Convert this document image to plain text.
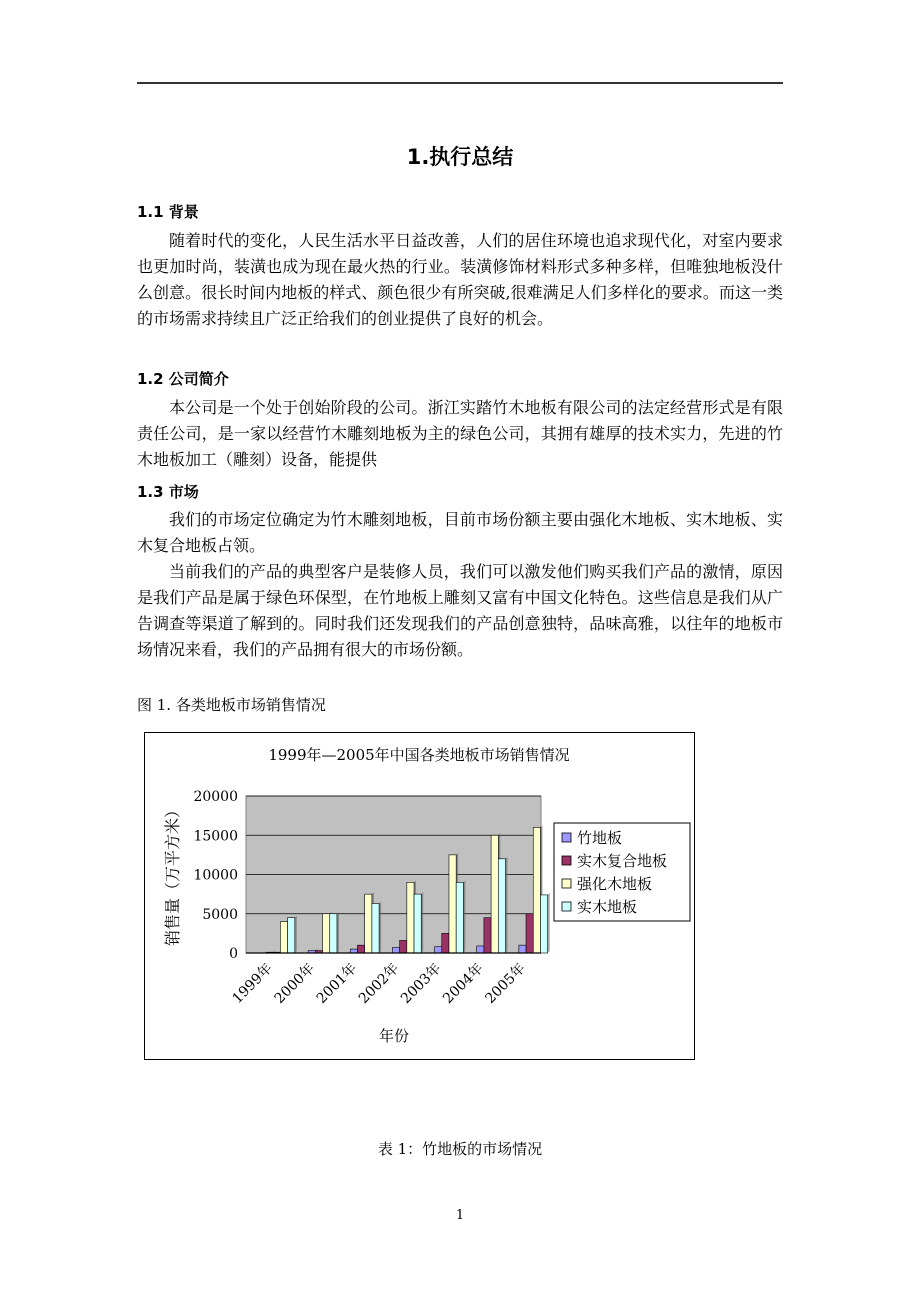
1.执行总结
1.1 背景

随着时代的变化，人民生活水平日益改善，人们的居住环境也追求现代化，对室内要求也更加时尚，装潢也成为现在最火热的行业。装潢修饰材料形式多种多样，但唯独地板没什么创意。很长时间内地板的样式、颜色很少有所突破,很难满足人们多样化的要求。而这一类的市场需求持续且广泛正给我们的创业提供了良好的机会。

1.2 公司简介

本公司是一个处于创始阶段的公司。浙江实踏竹木地板有限公司的法定经营形式是有限责任公司，是一家以经营竹木雕刻地板为主的绿色公司，其拥有雄厚的技术实力，先进的竹木地板加工（雕刻）设备，能提供

1.3 市场

我们的市场定位确定为竹木雕刻地板，目前市场份额主要由强化木地板、实木地板、实木复合地板占领。

当前我们的产品的典型客户是装修人员，我们可以激发他们购买我们产品的激情，原因是我们产品是属于绿色环保型，在竹地板上雕刻又富有中国文化特色。这些信息是我们从广告调查等渠道了解到的。同时我们还发现我们的产品创意独特，品味高雅，以往年的地板市场情况来看，我们的产品拥有很大的市场份额。

图 1. 各类地板市场销售情况
1999年—2005年中国各类地板市场销售情况
0
5000
10000
15000
20000
1999年
2000年
2001年
2002年
2003年
2004年
2005年
年份
销售量（万平方米）	竹地板
实木复合地板
强化木地板
实木地板
表 1：竹地板的市场情况
1
